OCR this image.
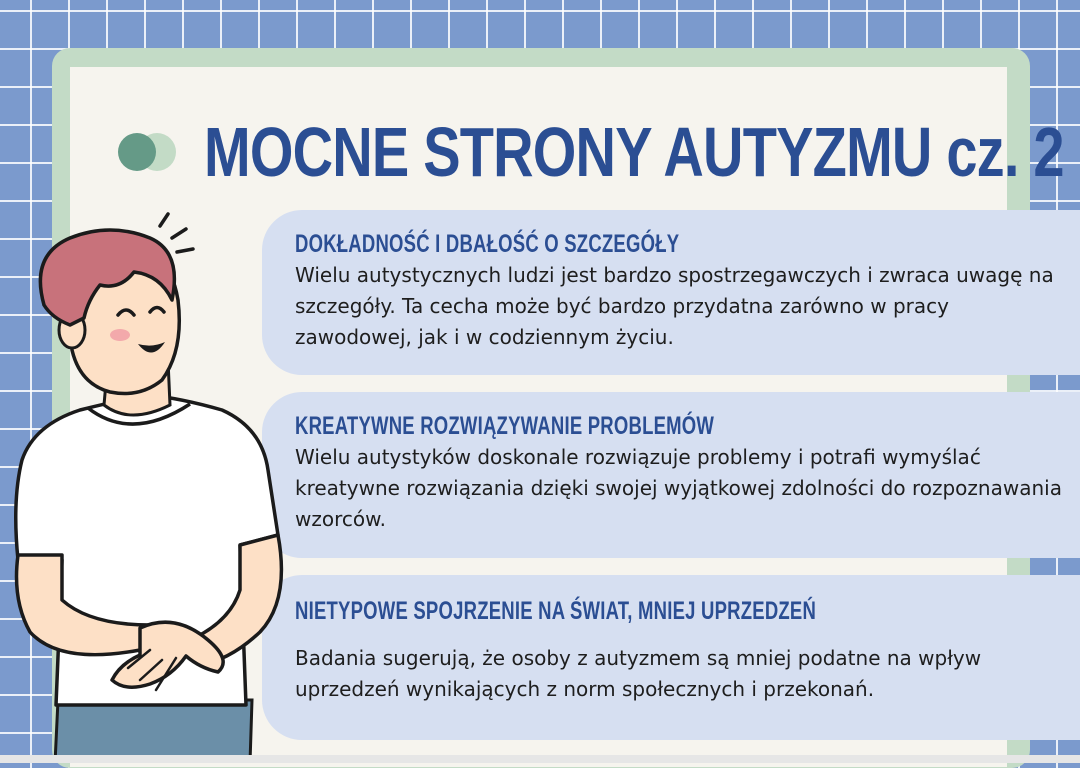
MOCNE STRONY AUTYZMU cz. 2
DOKŁADNOŚĆ I DBAŁOŚĆ O SZCZEGÓŁY
Wielu autystycznych ludzi jest bardzo spostrzegawczych i zwraca uwagę na szczegóły. Ta cecha może być bardzo przydatna zarówno w pracy zawodowej, jak i w codziennym życiu.
KREATYWNE ROZWIĄZYWANIE PROBLEMÓW
Wielu autystyków doskonale rozwiązuje problemy i potrafi wymyślać kreatywne rozwiązania dzięki swojej wyjątkowej zdolności do rozpoznawania wzorców.
NIETYPOWE SPOJRZENIE NA ŚWIAT, MNIEJ UPRZEDZEŃ
Badania sugerują, że osoby z autyzmem są mniej podatne na wpływ uprzedzeń wynikających z norm społecznych i przekonań.
